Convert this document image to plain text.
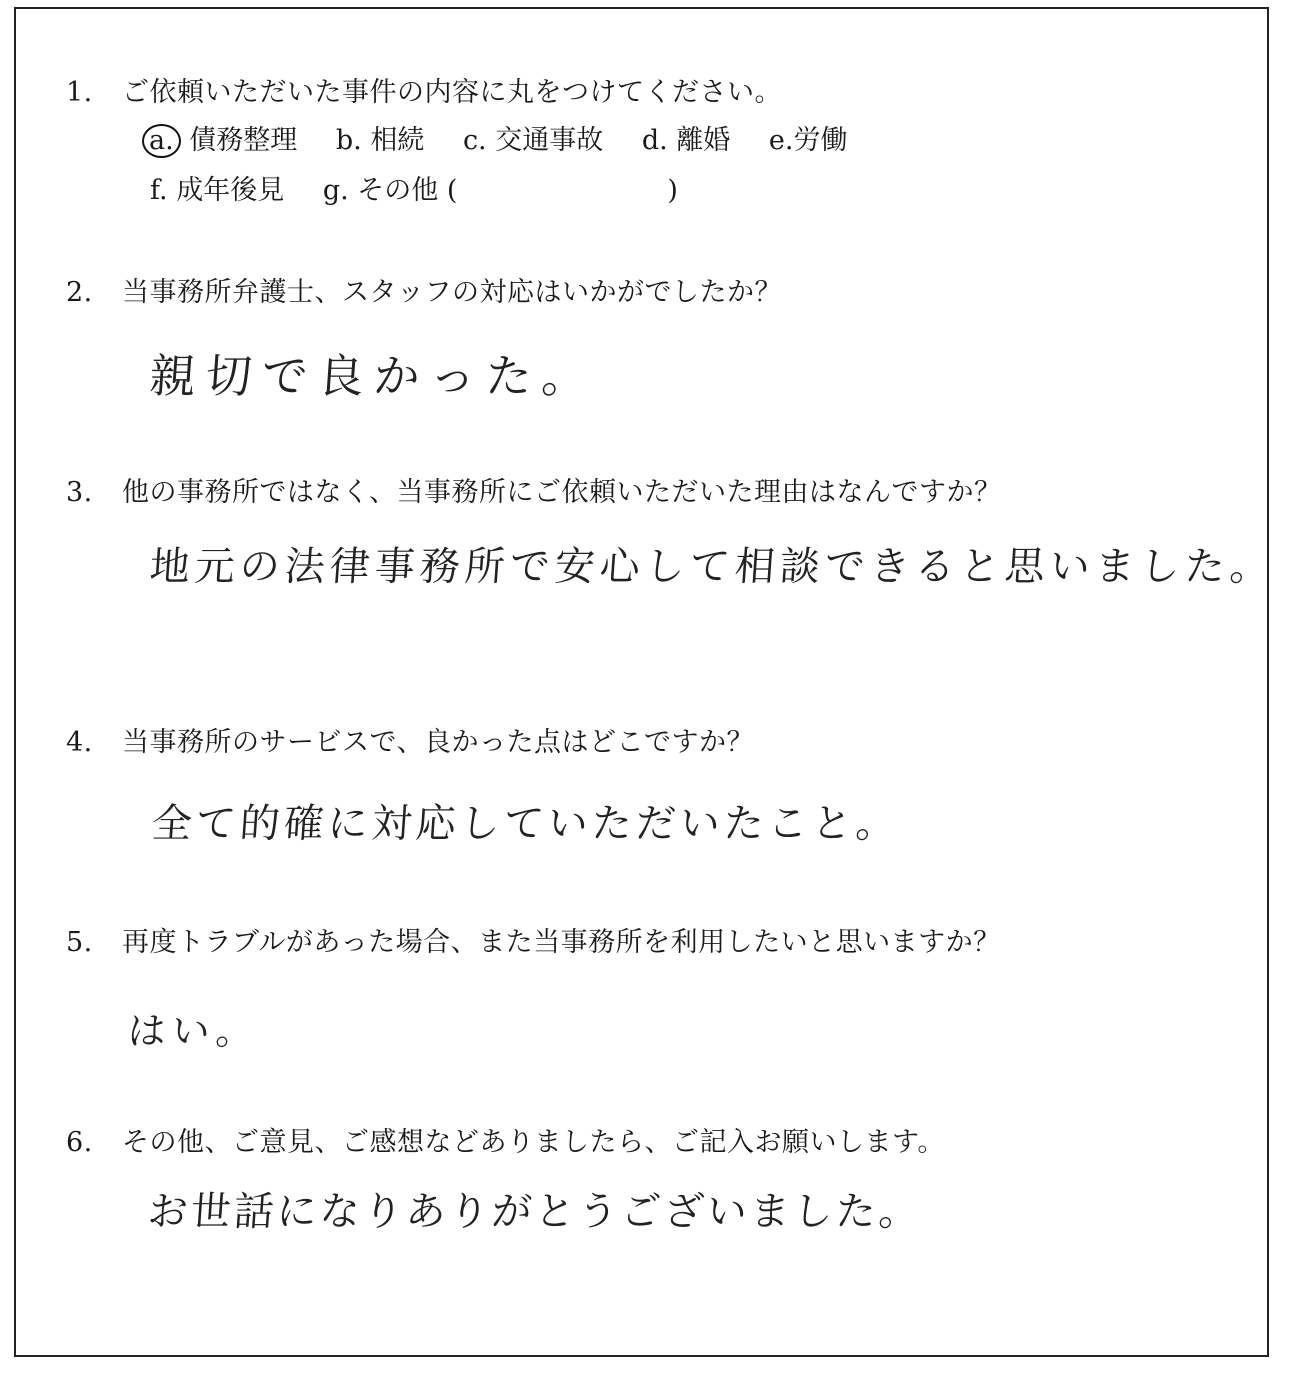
1. ご依頼いただいた事件の内容に丸をつけてください。
a. 債務整理 b. 相続 c. 交通事故 d. 離婚 e.労働
f. 成年後見 g. その他 (	)
2. 当事務所弁護士、スタッフの対応はいかがでしたか？
親切で良かった。
3. 他の事務所ではなく、当事務所にご依頼いただいた理由はなんですか？
地元の法律事務所で安心して相談できると思いました。
4. 当事務所のサービスで、良かった点はどこですか？
全て的確に対応していただいたこと。
5. 再度トラブルがあった場合、また当事務所を利用したいと思いますか？
はい。
6. その他、ご意見、ご感想などありましたら、ご記入お願いします。
お世話になりありがとうございました。
